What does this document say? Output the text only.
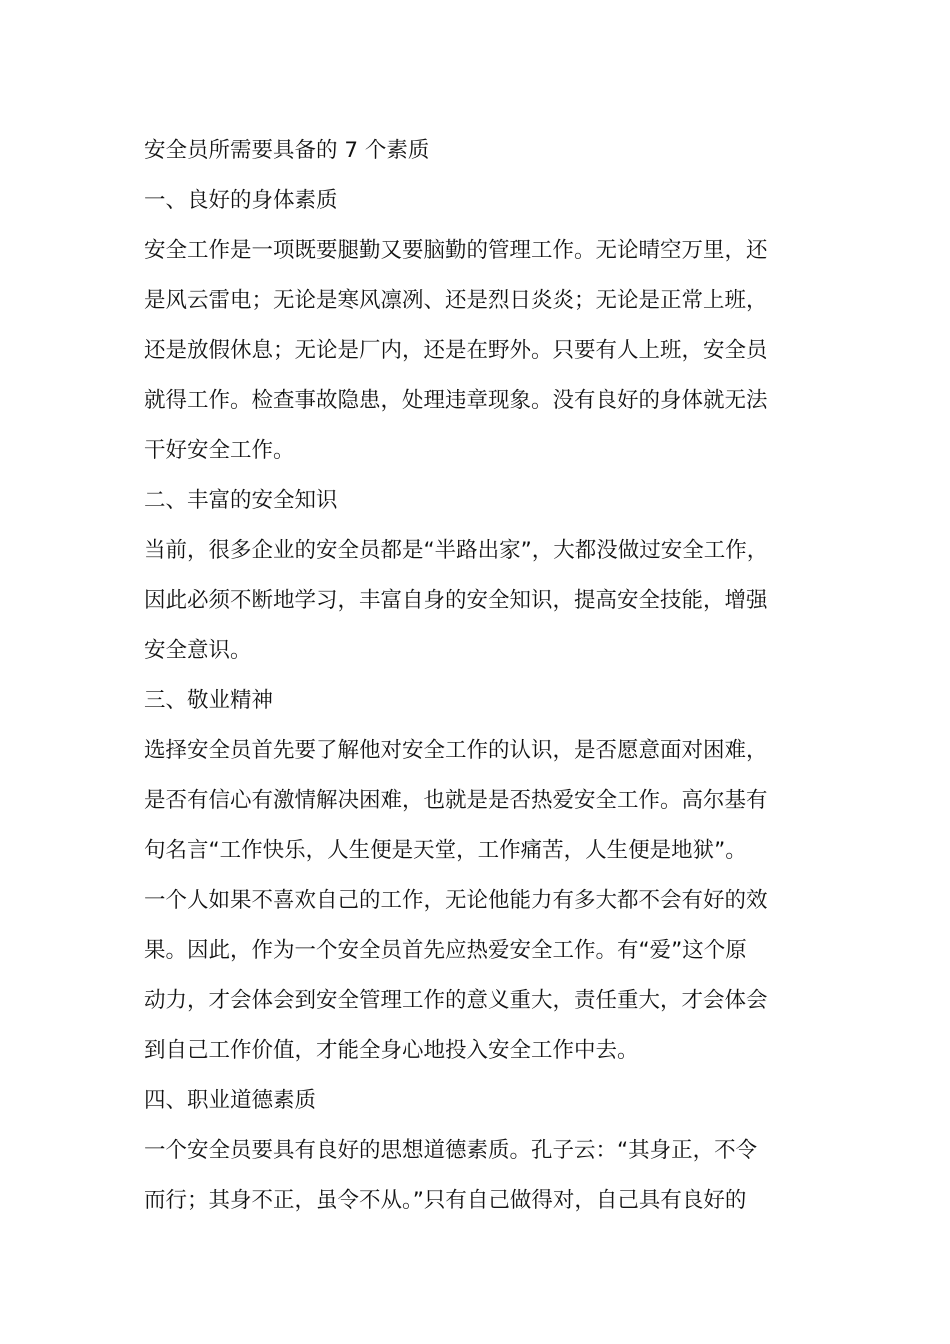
安全员所需要具备的 7 个素质
一、良好的身体素质
安全工作是一项既要腿勤又要脑勤的管理工作。无论晴空万里，还
是风云雷电；无论是寒风凛冽、还是烈日炎炎；无论是正常上班，
还是放假休息；无论是厂内，还是在野外。只要有人上班，安全员
就得工作。检查事故隐患，处理违章现象。没有良好的身体就无法
干好安全工作。
二、丰富的安全知识
当前，很多企业的安全员都是“半路出家”，大都没做过安全工作，
因此必须不断地学习，丰富自身的安全知识，提高安全技能，增强
安全意识。
三、敬业精神
选择安全员首先要了解他对安全工作的认识，是否愿意面对困难，
是否有信心有激情解决困难，也就是是否热爱安全工作。高尔基有
句名言“工作快乐，人生便是天堂，工作痛苦，人生便是地狱”。
一个人如果不喜欢自己的工作，无论他能力有多大都不会有好的效
果。因此，作为一个安全员首先应热爱安全工作。有“爱”这个原
动力，才会体会到安全管理工作的意义重大，责任重大，才会体会
到自己工作价值，才能全身心地投入安全工作中去。
四、职业道德素质
一个安全员要具有良好的思想道德素质。孔子云：“其身正，不令
而行；其身不正，虽令不从。”只有自己做得对，自己具有良好的
